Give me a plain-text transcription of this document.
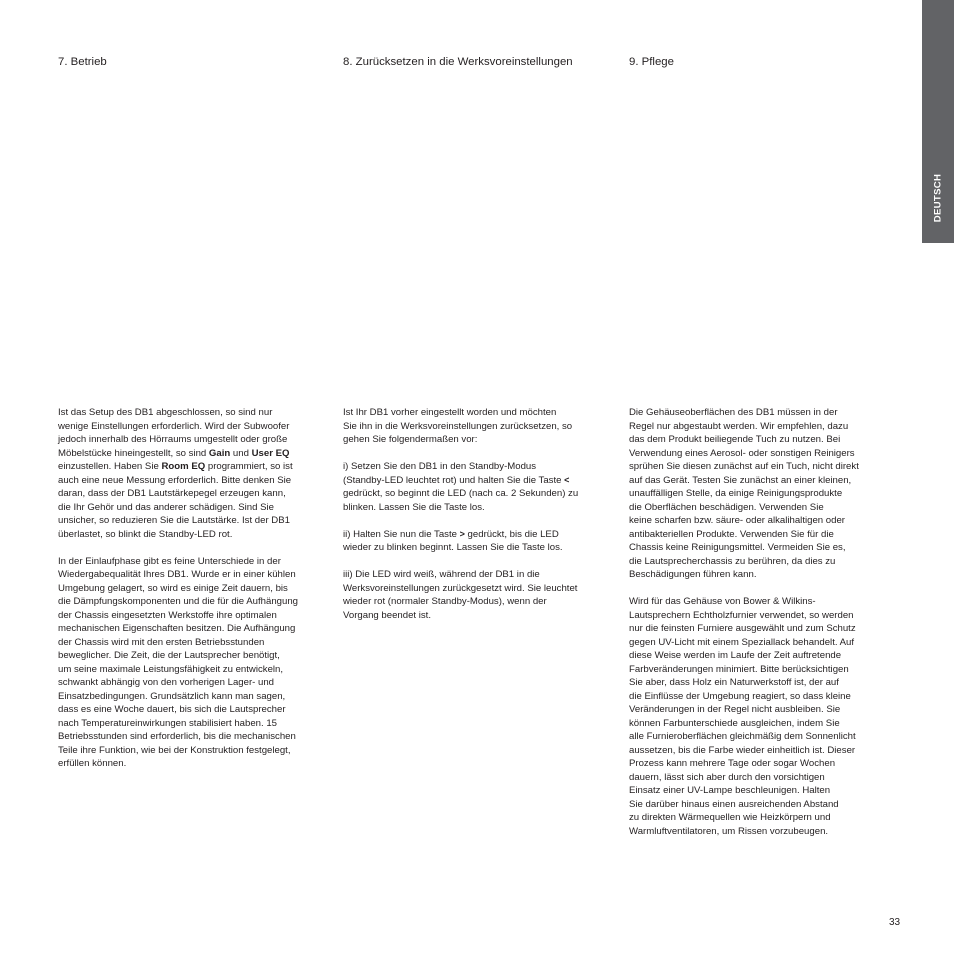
7. Betrieb	8. Zurücksetzen in die Werksvoreinstellungen	9. Pflege

Ist das Setup des DB1 abgeschlossen, so sind nur
wenige Einstellungen erforderlich. Wird der Subwoofer
jedoch innerhalb des Hörraums umgestellt oder große
Möbelstücke hineingestellt, so sind Gain und User EQ
einzustellen. Haben Sie Room EQ programmiert, so ist
auch eine neue Messung erforderlich. Bitte denken Sie
daran, dass der DB1 Lautstärkepegel erzeugen kann,
die Ihr Gehör und das anderer schädigen. Sind Sie
unsicher, so reduzieren Sie die Lautstärke. Ist der DB1
überlastet, so blinkt die Standby-LED rot.

In der Einlaufphase gibt es feine Unterschiede in der
Wiedergabequalität Ihres DB1. Wurde er in einer kühlen
Umgebung gelagert, so wird es einige Zeit dauern, bis
die Dämpfungskomponenten und die für die Aufhängung
der Chassis eingesetzten Werkstoffe ihre optimalen
mechanischen Eigenschaften besitzen. Die Aufhängung
der Chassis wird mit den ersten Betriebsstunden
beweglicher. Die Zeit, die der Lautsprecher benötigt,
um seine maximale Leistungsfähigkeit zu entwickeln,
schwankt abhängig von den vorherigen Lager- und
Einsatzbedingungen. Grundsätzlich kann man sagen,
dass es eine Woche dauert, bis sich die Lautsprecher
nach Temperatureinwirkungen stabilisiert haben. 15
Betriebsstunden sind erforderlich, bis die mechanischen
Teile ihre Funktion, wie bei der Konstruktion festgelegt,
erfüllen können.

Ist Ihr DB1 vorher eingestellt worden und möchten
Sie ihn in die Werksvoreinstellungen zurücksetzen, so
gehen Sie folgendermaßen vor:

i) Setzen Sie den DB1 in den Standby-Modus
(Standby-LED leuchtet rot) und halten Sie die Taste <
gedrückt, so beginnt die LED (nach ca. 2 Sekunden) zu
blinken. Lassen Sie die Taste los.

ii) Halten Sie nun die Taste > gedrückt, bis die LED
wieder zu blinken beginnt. Lassen Sie die Taste los.

iii) Die LED wird weiß, während der DB1 in die
Werksvoreinstellungen zurückgesetzt wird. Sie leuchtet
wieder rot (normaler Standby-Modus), wenn der
Vorgang beendet ist.

Die Gehäuseoberflächen des DB1 müssen in der
Regel nur abgestaubt werden. Wir empfehlen, dazu
das dem Produkt beiliegende Tuch zu nutzen. Bei
Verwendung eines Aerosol- oder sonstigen Reinigers
sprühen Sie diesen zunächst auf ein Tuch, nicht direkt
auf das Gerät. Testen Sie zunächst an einer kleinen,
unauffälligen Stelle, da einige Reinigungsprodukte
die Oberflächen beschädigen. Verwenden Sie
keine scharfen bzw. säure- oder alkalihaltigen oder
antibakteriellen Produkte. Verwenden Sie für die
Chassis keine Reinigungsmittel. Vermeiden Sie es,
die Lautsprecherchassis zu berühren, da dies zu
Beschädigungen führen kann.

Wird für das Gehäuse von Bower & Wilkins-
Lautsprechern Echtholzfurnier verwendet, so werden
nur die feinsten Furniere ausgewählt und zum Schutz
gegen UV-Licht mit einem Speziallack behandelt. Auf
diese Weise werden im Laufe der Zeit auftretende
Farbveränderungen minimiert. Bitte berücksichtigen
Sie aber, dass Holz ein Naturwerkstoff ist, der auf
die Einflüsse der Umgebung reagiert, so dass kleine
Veränderungen in der Regel nicht ausbleiben. Sie
können Farbunterschiede ausgleichen, indem Sie
alle Furnieroberflächen gleichmäßig dem Sonnenlicht
aussetzen, bis die Farbe wieder einheitlich ist. Dieser
Prozess kann mehrere Tage oder sogar Wochen
dauern, lässt sich aber durch den vorsichtigen
Einsatz einer UV-Lampe beschleunigen. Halten
Sie darüber hinaus einen ausreichenden Abstand
zu direkten Wärmequellen wie Heizkörpern und
Warmluftventilatoren, um Rissen vorzubeugen.

DEUTSCH
33
